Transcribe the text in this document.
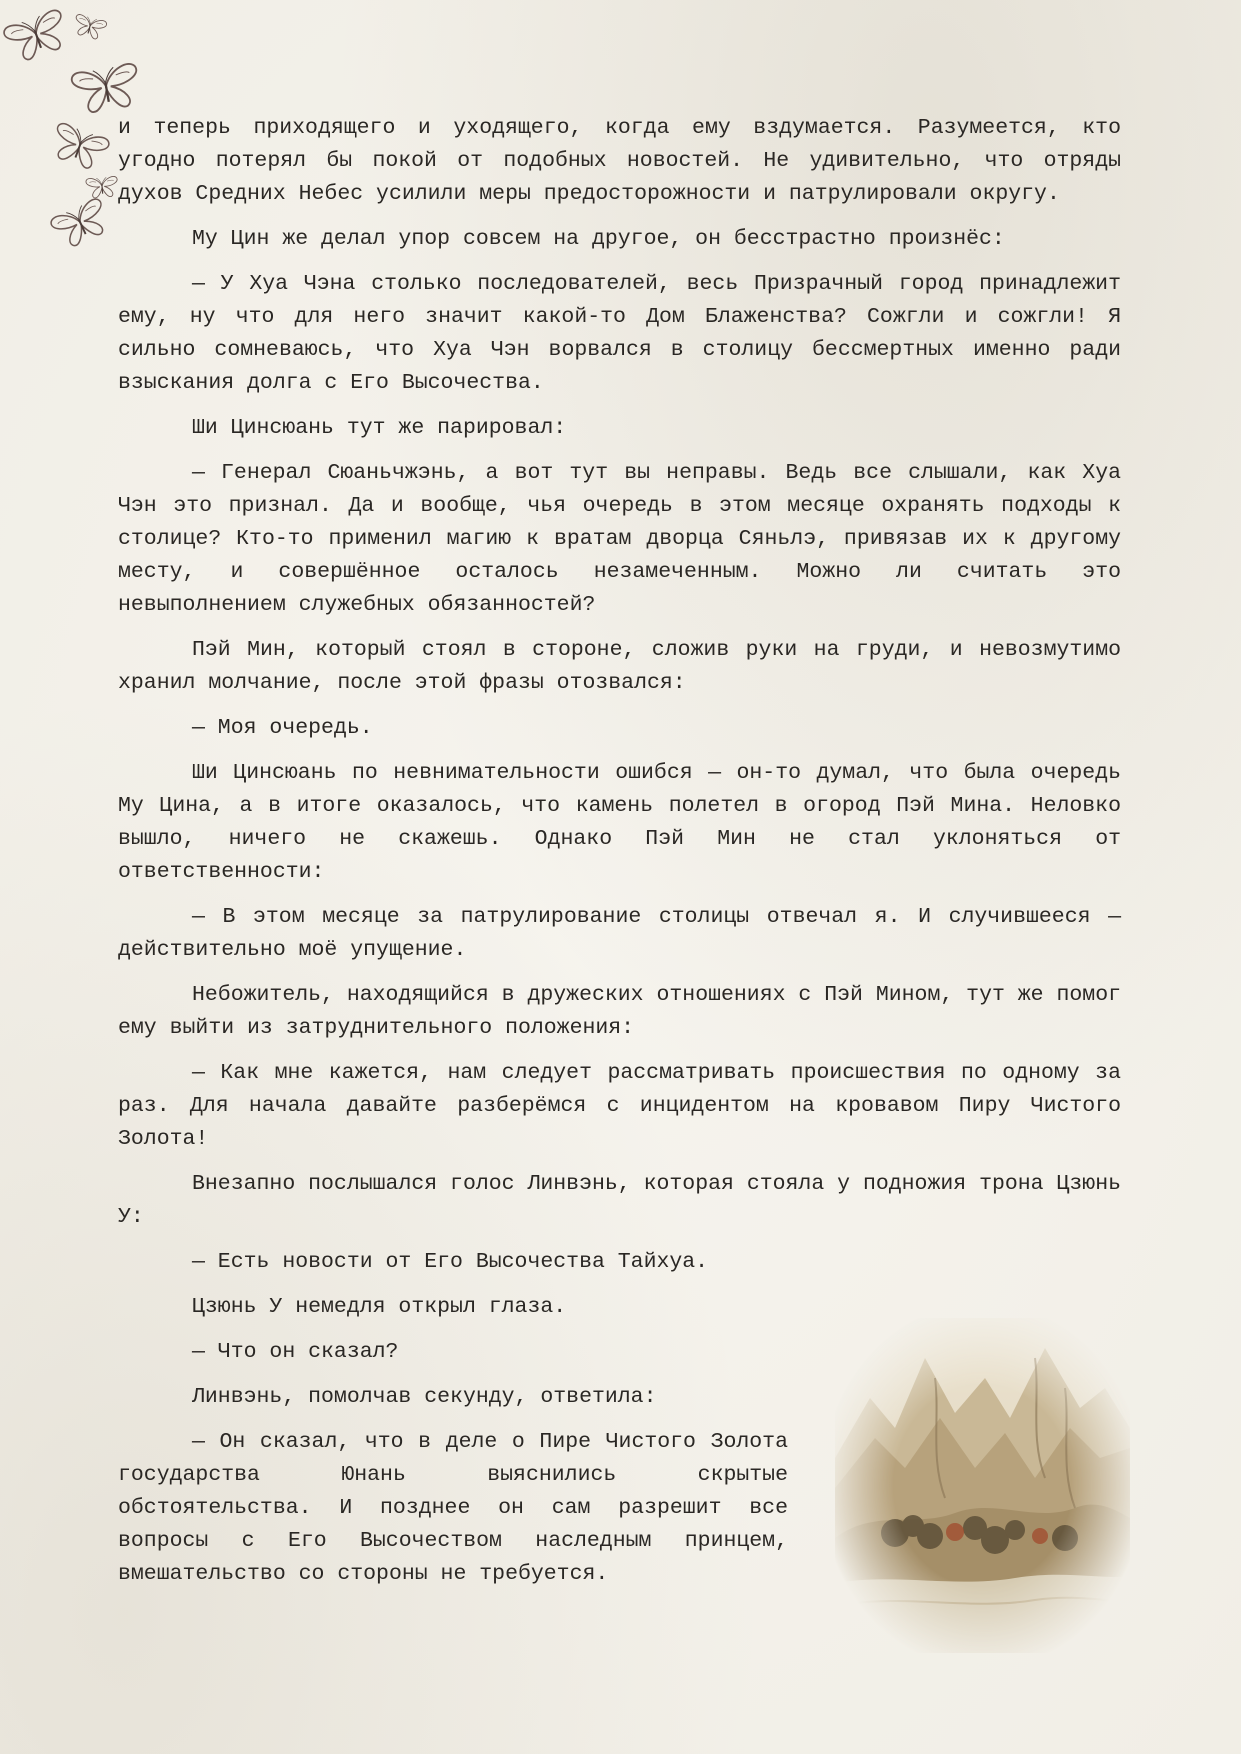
и теперь приходящего и уходящего, когда ему вздумается. Разумеется, кто угодно потерял бы покой от подобных новостей. Не удивительно, что отряды духов Средних Небес усилили меры предосторожности и патрулировали округу.

Му Цин же делал упор совсем на другое, он бесстрастно произнёс:

— У Хуа Чэна столько последователей, весь Призрачный город принадлежит ему, ну что для него значит какой-то Дом Блаженства? Сожгли и сожгли! Я сильно сомневаюсь, что Хуа Чэн ворвался в столицу бессмертных именно ради взыскания долга с Его Высочества.

Ши Цинсюань тут же парировал:

— Генерал Сюаньчжэнь, а вот тут вы неправы. Ведь все слышали, как Хуа Чэн это признал. Да и вообще, чья очередь в этом месяце охранять подходы к столице? Кто-то применил магию к вратам дворца Сяньлэ, привязав их к другому месту, и совершённое осталось незамеченным. Можно ли считать это невыполнением служебных обязанностей?

Пэй Мин, который стоял в стороне, сложив руки на груди, и невозмутимо хранил молчание, после этой фразы отозвался:

— Моя очередь.

Ши Цинсюань по невнимательности ошибся — он-то думал, что была очередь Му Цина, а в итоге оказалось, что камень полетел в огород Пэй Мина. Неловко вышло, ничего не скажешь. Однако Пэй Мин не стал уклоняться от ответственности:

— В этом месяце за патрулирование столицы отвечал я. И случившееся — действительно моё упущение.

Небожитель, находящийся в дружеских отношениях с Пэй Мином, тут же помог ему выйти из затруднительного положения:

— Как мне кажется, нам следует рассматривать происшествия по одному за раз. Для начала давайте разберёмся с инцидентом на кровавом Пиру Чистого Золота!

Внезапно послышался голос Линвэнь, которая стояла у подножия трона Цзюнь У:

— Есть новости от Его Высочества Тайхуа.

Цзюнь У немедля открыл глаза.

— Что он сказал?

Линвэнь, помолчав секунду, ответила:

— Он сказал, что в деле о Пире Чистого Золота государства Юнань выяснились скрытые обстоятельства. И позднее он сам разрешит все вопросы с Его Высочеством наследным принцем, вмешательство со стороны не требуется.
